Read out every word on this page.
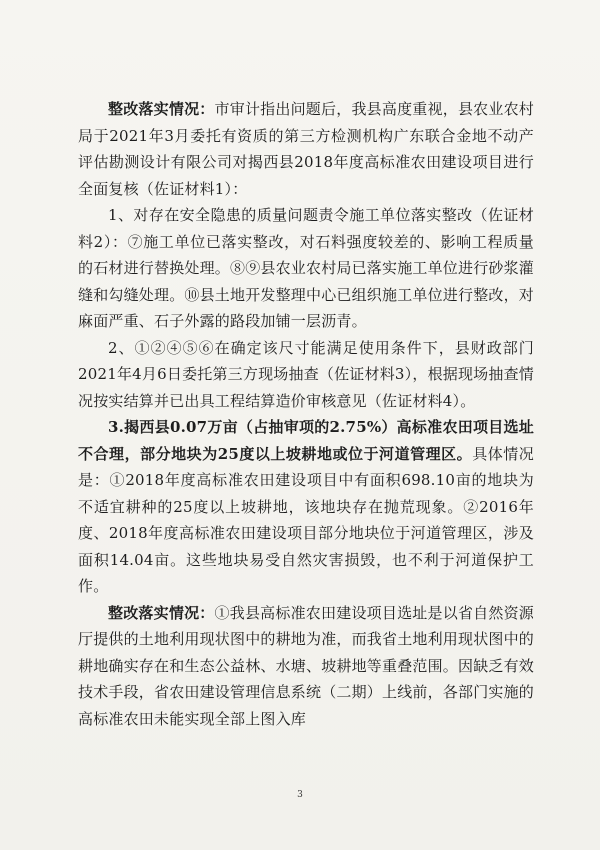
整改落实情况：市审计指出问题后，我县高度重视，县农业农村局于2021年3月委托有资质的第三方检测机构广东联合金地不动产评估勘测设计有限公司对揭西县2018年度高标准农田建设项目进行全面复核（佐证材料1）：

1、对存在安全隐患的质量问题责令施工单位落实整改（佐证材料2）：⑦施工单位已落实整改，对石料强度较差的、影响工程质量的石材进行替换处理。⑧⑨县农业农村局已落实施工单位进行砂浆灌缝和勾缝处理。⑩县土地开发整理中心已组织施工单位进行整改，对麻面严重、石子外露的路段加铺一层沥青。

2、①②④⑤⑥在确定该尺寸能满足使用条件下，县财政部门2021年4月6日委托第三方现场抽查（佐证材料3），根据现场抽查情况按实结算并已出具工程结算造价审核意见（佐证材料4）。

3.揭西县0.07万亩（占抽审项的2.75%）高标准农田项目选址不合理，部分地块为25度以上坡耕地或位于河道管理区。具体情况是：①2018年度高标准农田建设项目中有面积698.10亩的地块为不适宜耕种的25度以上坡耕地，该地块存在抛荒现象。②2016年度、2018年度高标准农田建设项目部分地块位于河道管理区，涉及面积14.04亩。这些地块易受自然灾害损毁，也不利于河道保护工作。

整改落实情况：①我县高标准农田建设项目选址是以省自然资源厅提供的土地利用现状图中的耕地为准，而我省土地利用现状图中的耕地确实存在和生态公益林、水塘、坡耕地等重叠范围。因缺乏有效技术手段，省农田建设管理信息系统（二期）上线前，各部门实施的高标准农田未能实现全部上图入库

3
